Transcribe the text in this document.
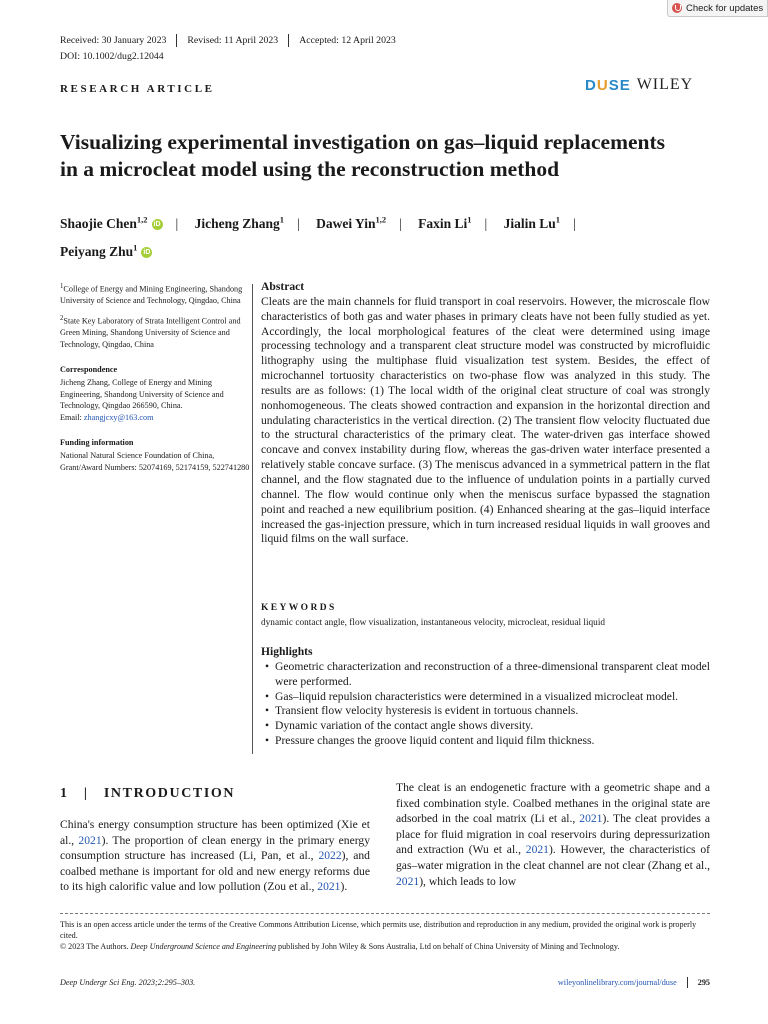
Check for updates
Received: 30 January 2023 Revised: 11 April 2023 Accepted: 12 April 2023
DOI: 10.1002/dug2.12044
RESEARCH ARTICLE	DUSE WILEY
Visualizing experimental investigation on gas–liquid replacements
in a microcleat model using the reconstruction method
Shaojie Chen$^{1,2}$iD | Jicheng Zhang$^1$ | Dawei Yin$^{1,2}$ | Faxin Li$^1$ | Jialin Lu$^1$ |
Peiyang Zhu$^1$iD

$^1$College of Energy and Mining Engineering, Shandong University of Science and Technology, Qingdao, China

$^2$State Key Laboratory of Strata Intelligent Control and Green Mining, Shandong University of Science and Technology, Qingdao, China

Correspondence

Jicheng Zhang, College of Energy and Mining Engineering, Shandong University of Science and Technology, Qingdao 266590, China.
Email: zhangjcxy@163.com

Funding information

National Natural Science Foundation of China, Grant/Award Numbers: 52074169, 52174159, 522741280

Abstract

Cleats are the main channels for fluid transport in coal reservoirs. However, the microscale flow characteristics of both gas and water phases in primary cleats have not been fully studied as yet. Accordingly, the local morphological features of the cleat were determined using image processing technology and a transparent cleat structure model was constructed by microfluidic lithography using the multiphase fluid visualization test system. Besides, the effect of microchannel tortuosity characteristics on two-phase flow was analyzed in this study. The results are as follows: (1) The local width of the original cleat structure of coal was strongly nonhomogeneous. The cleats showed contraction and expansion in the horizontal direction and undulating characteristics in the vertical direction. (2) The transient flow velocity fluctuated due to the structural characteristics of the primary cleat. The water-driven gas interface showed concave and convex instability during flow, whereas the gas-driven water interface presented a relatively stable concave surface. (3) The meniscus advanced in a symmetrical pattern in the flat channel, and the flow stagnated due to the influence of undulation points in a partially curved channel. The flow would continue only when the meniscus surface bypassed the stagnation point and reached a new equilibrium position. (4) Enhanced shearing at the gas–liquid interface increased the gas-injection pressure, which in turn increased residual liquids in wall grooves and liquid films on the wall surface.

KEYWORDS
dynamic contact angle, flow visualization, instantaneous velocity, microcleat, residual liquid
Highlights
• Geometric characterization and reconstruction of a three-dimensional transparent cleat model were performed.
• Gas–liquid repulsion characteristics were determined in a visualized microcleat model.
• Transient flow velocity hysteresis is evident in tortuous channels.
• Dynamic variation of the contact angle shows diversity.
• Pressure changes the groove liquid content and liquid film thickness.
1   |   INTRODUCTION
China's energy consumption structure has been optimized (Xie et al., 2021). The proportion of clean energy in the primary energy consumption structure has increased (Li, Pan, et al., 2022), and coalbed methane is important for old and new energy reforms due to its high calorific value and low pollution (Zou et al., 2021).
The cleat is an endogenetic fracture with a geometric shape and a fixed combination style. Coalbed methanes in the original state are adsorbed in the coal matrix (Li et al., 2021). The cleat provides a place for fluid migration in coal reservoirs during depressurization and extraction (Wu et al., 2021). However, the characteristics of gas–water migration in the cleat channel are not clear (Zhang et al., 2021), which leads to low
This is an open access article under the terms of the Creative Commons Attribution License, which permits use, distribution and reproduction in any medium, provided the original work is properly cited.
© 2023 The Authors. Deep Underground Science and Engineering published by John Wiley & Sons Australia, Ltd on behalf of China University of Mining and Technology.
Deep Undergr Sci Eng. 2023;2:295–303.	wileyonlinelibrary.com/journal/duse	295
